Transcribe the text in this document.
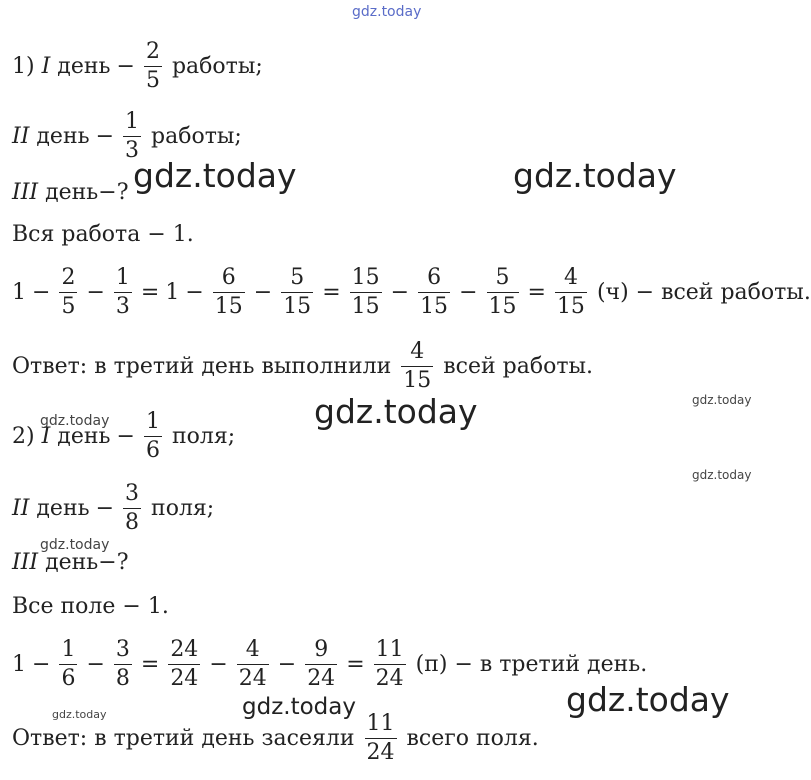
gdz.today
gdz.today	gdz.today
gdz.today
gdz.today
gdz.today
gdz.today
gdz.today
gdz.today
gdz.today
gdz.today
1) I день − $\frac{2}{5}$ работы;
II день − $\frac{1}{3}$ работы;
III день−?
Вся работа − 1.
$1 - \frac{2}{5} - \frac{1}{3} = 1 - \frac{6}{15} - \frac{5}{15} = \frac{15}{15} - \frac{6}{15} - \frac{5}{15} = \frac{4}{15} (ч)$ − всей работы.
Ответ: в третий день выполнили $\frac{4}{15}$ всей работы.
2) I день − $\frac{1}{6}$ поля;
II день − $\frac{3}{8}$ поля;
III день−?
Все поле − 1.
$1 - \frac{1}{6} - \frac{3}{8} = \frac{24}{24} - \frac{4}{24} - \frac{9}{24} = \frac{11}{24} (п) - в$ третий день.
Ответ: в третий день засеяли $\frac{11}{24}$ всего поля.
